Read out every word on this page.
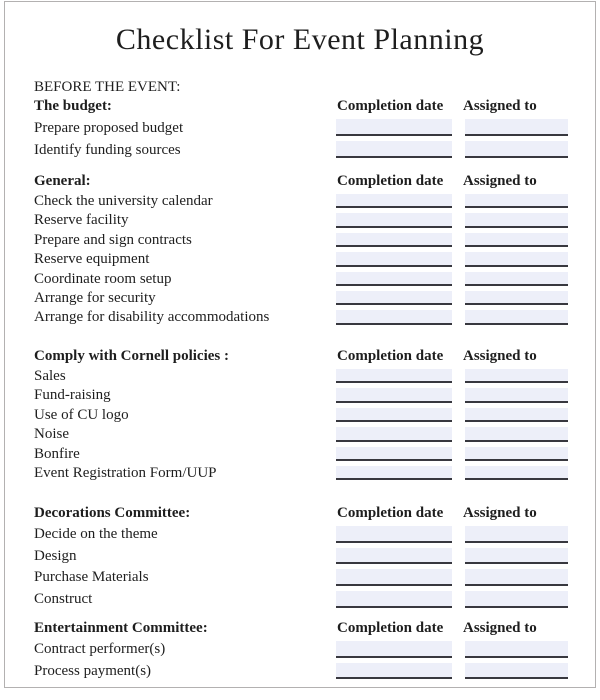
Checklist For Event Planning
BEFORE THE EVENT:
The budget:	Completion date Assigned to
Prepare proposed budget
Identify funding sources
General:	Completion date Assigned to
Check the university calendar
Reserve facility
Prepare and sign contracts
Reserve equipment
Coordinate room setup
Arrange for security
Arrange for disability accommodations
Comply with Cornell policies :	Completion date Assigned to
Sales
Fund-raising
Use of CU logo
Noise
Bonfire
Event Registration Form/UUP
Decorations Committee:	Completion date Assigned to
Decide on the theme
Design
Purchase Materials
Construct
Entertainment Committee:	Completion date Assigned to
Contract performer(s)
Process payment(s)
